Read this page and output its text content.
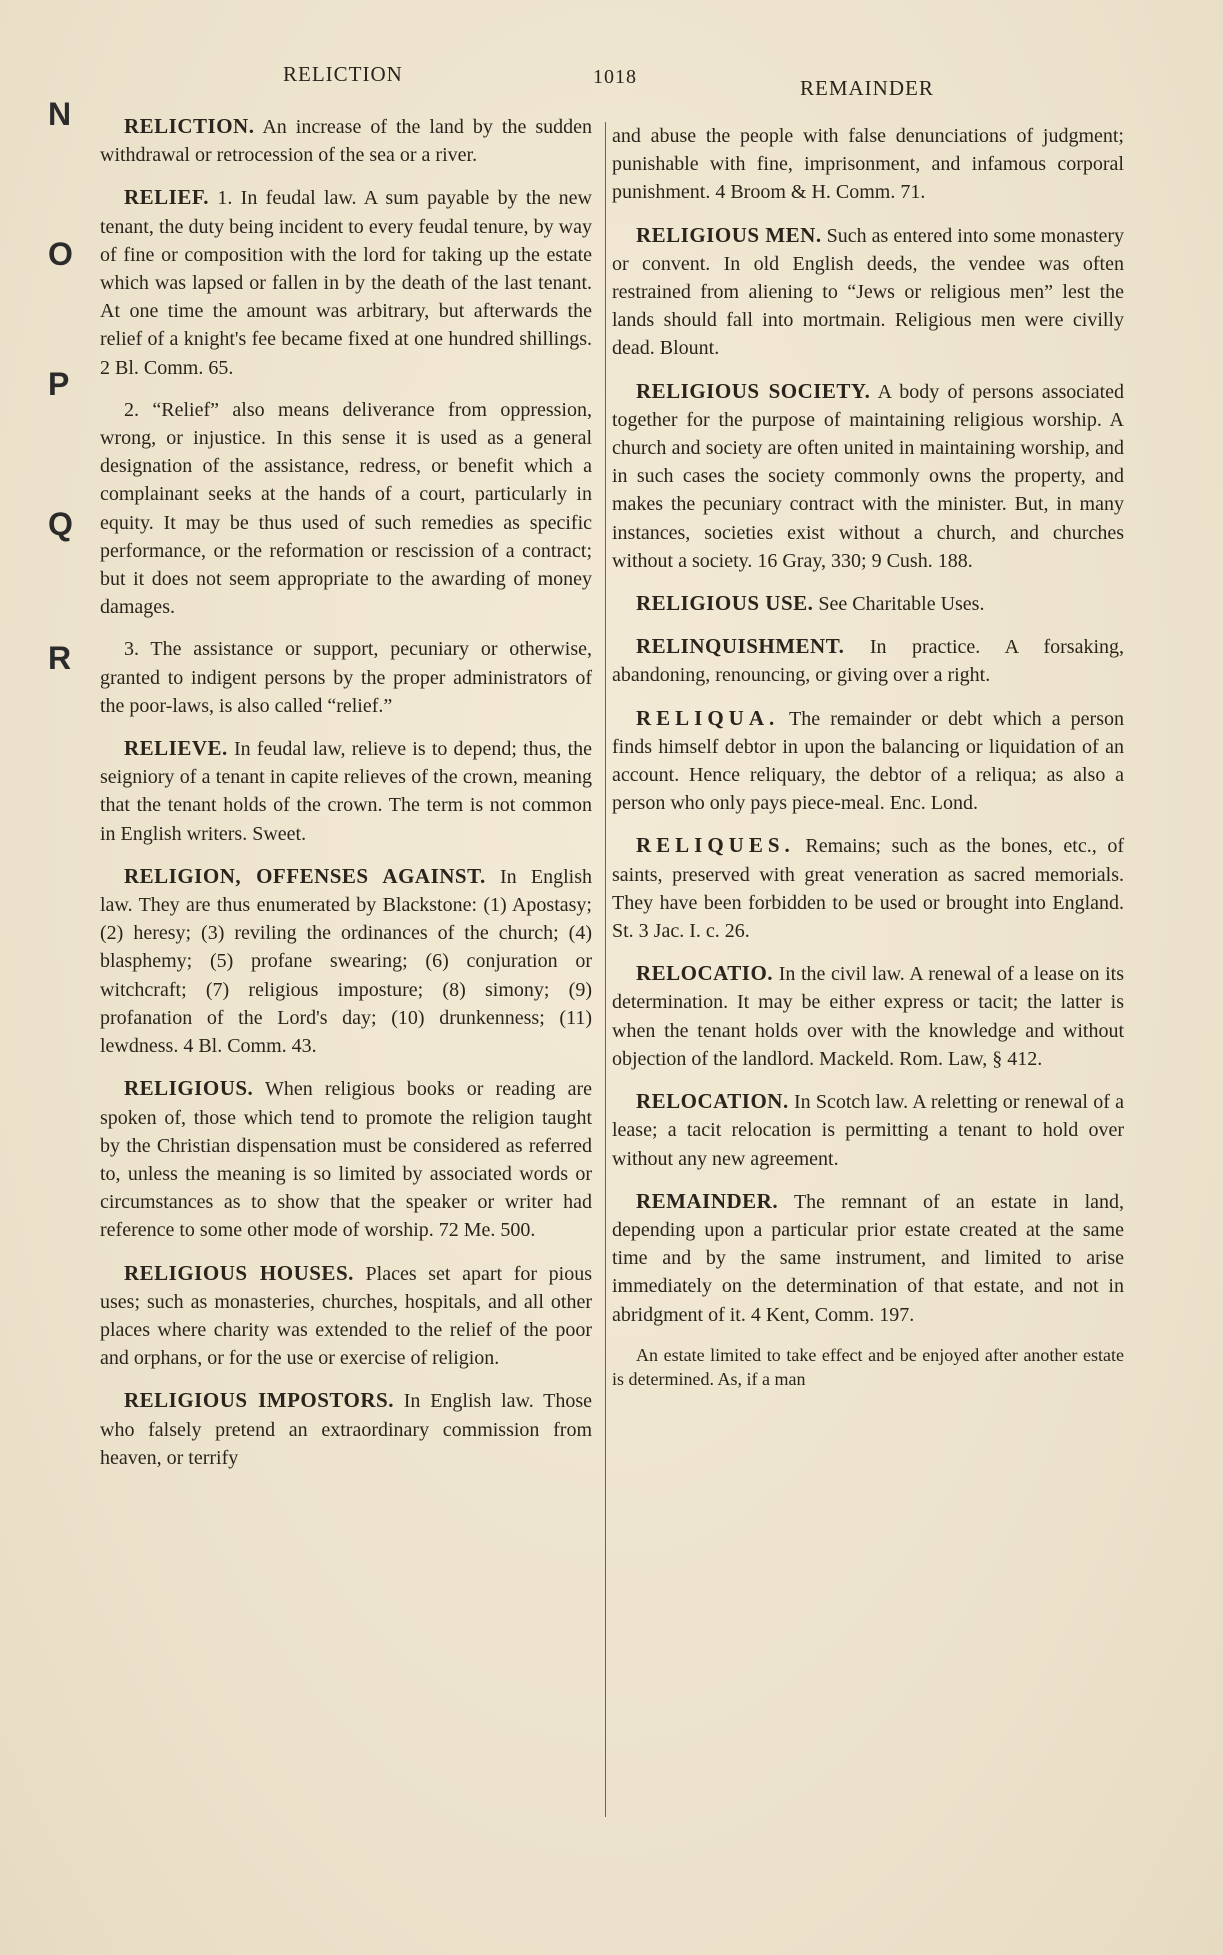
RELICTION	1018	REMAINDER
N
O
P
Q
R

RELICTION. An increase of the land by the sudden withdrawal or retrocession of the sea or a river.

RELIEF. 1. In feudal law. A sum payable by the new tenant, the duty being incident to every feudal tenure, by way of fine or composition with the lord for taking up the estate which was lapsed or fallen in by the death of the last tenant. At one time the amount was arbitrary, but afterwards the relief of a knight's fee became fixed at one hundred shillings. 2 Bl. Comm. 65.

2. “Relief” also means deliverance from oppression, wrong, or injustice. In this sense it is used as a general designation of the assistance, redress, or benefit which a complainant seeks at the hands of a court, particularly in equity. It may be thus used of such remedies as specific performance, or the reformation or rescission of a contract; but it does not seem appropriate to the awarding of money damages.

3. The assistance or support, pecuniary or otherwise, granted to indigent persons by the proper administrators of the poor-laws, is also called “relief.”

RELIEVE. In feudal law, relieve is to depend; thus, the seigniory of a tenant in capite relieves of the crown, meaning that the tenant holds of the crown. The term is not common in English writers. Sweet.

RELIGION, OFFENSES AGAINST. In English law. They are thus enumerated by Blackstone: (1) Apostasy; (2) heresy; (3) reviling the ordinances of the church; (4) blasphemy; (5) profane swearing; (6) conjuration or witchcraft; (7) religious imposture; (8) simony; (9) profanation of the Lord's day; (10) drunkenness; (11) lewdness. 4 Bl. Comm. 43.

RELIGIOUS. When religious books or reading are spoken of, those which tend to promote the religion taught by the Christian dispensation must be considered as referred to, unless the meaning is so limited by associated words or circumstances as to show that the speaker or writer had reference to some other mode of worship. 72 Me. 500.

RELIGIOUS HOUSES. Places set apart for pious uses; such as monasteries, churches, hospitals, and all other places where charity was extended to the relief of the poor and orphans, or for the use or exercise of religion.

RELIGIOUS IMPOSTORS. In English law. Those who falsely pretend an extraordinary commission from heaven, or terrify

and abuse the people with false denunciations of judgment; punishable with fine, imprisonment, and infamous corporal punishment. 4 Broom & H. Comm. 71.

RELIGIOUS MEN. Such as entered into some monastery or convent. In old English deeds, the vendee was often restrained from aliening to “Jews or religious men” lest the lands should fall into mortmain. Religious men were civilly dead. Blount.

RELIGIOUS SOCIETY. A body of persons associated together for the purpose of maintaining religious worship. A church and society are often united in maintaining worship, and in such cases the society commonly owns the property, and makes the pecuniary contract with the minister. But, in many instances, societies exist without a church, and churches without a society. 16 Gray, 330; 9 Cush. 188.

RELIGIOUS USE. See Charitable Uses.

RELINQUISHMENT. In practice. A forsaking, abandoning, renouncing, or giving over a right.

RELIQUA. The remainder or debt which a person finds himself debtor in upon the balancing or liquidation of an account. Hence reliquary, the debtor of a reliqua; as also a person who only pays piece-meal. Enc. Lond.

RELIQUES. Remains; such as the bones, etc., of saints, preserved with great veneration as sacred memorials. They have been forbidden to be used or brought into England. St. 3 Jac. I. c. 26.

RELOCATIO. In the civil law. A renewal of a lease on its determination. It may be either express or tacit; the latter is when the tenant holds over with the knowledge and without objection of the landlord. Mackeld. Rom. Law, § 412.

RELOCATION. In Scotch law. A reletting or renewal of a lease; a tacit relocation is permitting a tenant to hold over without any new agreement.

REMAINDER. The remnant of an estate in land, depending upon a particular prior estate created at the same time and by the same instrument, and limited to arise immediately on the determination of that estate, and not in abridgment of it. 4 Kent, Comm. 197.

An estate limited to take effect and be enjoyed after another estate is determined. As, if a man
